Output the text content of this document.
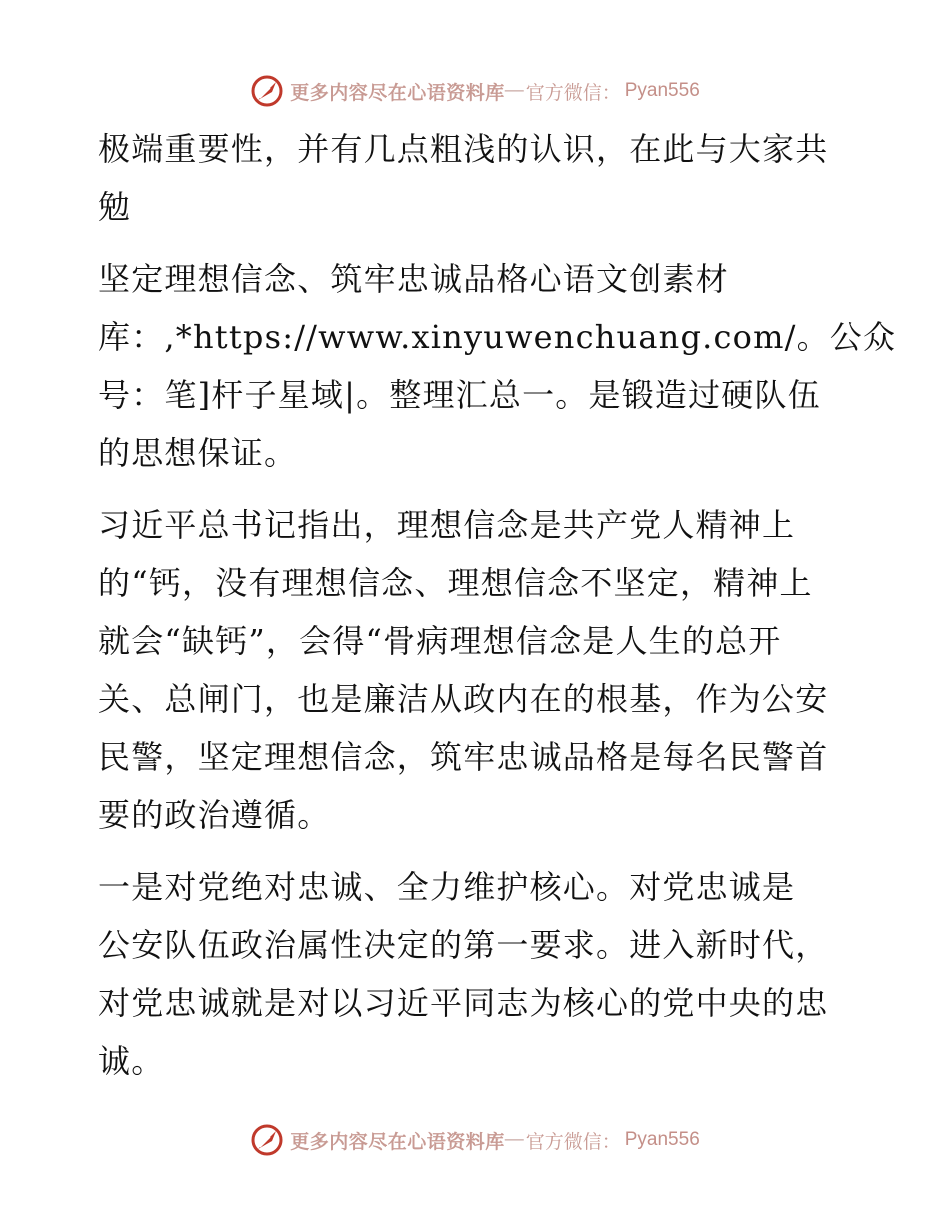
更多内容尽在心语资料库 — 官方微信： Pyan556
极端重要性，并有几点粗浅的认识，在此与大家共
勉
坚定理想信念、筑牢忠诚品格心语文创素材
库：,*https://www.xinyuwenchuang.com/。公众
号：笔]杆子星域|。整理汇总一。是锻造过硬队伍
的思想保证。
习近平总书记指出，理想信念是共产党人精神上
的“钙，没有理想信念、理想信念不坚定，精神上
就会“缺钙”，会得“骨病理想信念是人生的总开
关、总闸门，也是廉洁从政内在的根基，作为公安
民警，坚定理想信念，筑牢忠诚品格是每名民警首
要的政治遵循。
一是对党绝对忠诚、全力维护核心。对党忠诚是
公安队伍政治属性决定的第一要求。进入新时代，
对党忠诚就是对以习近平同志为核心的党中央的忠
诚。
更多内容尽在心语资料库 — 官方微信： Pyan556
